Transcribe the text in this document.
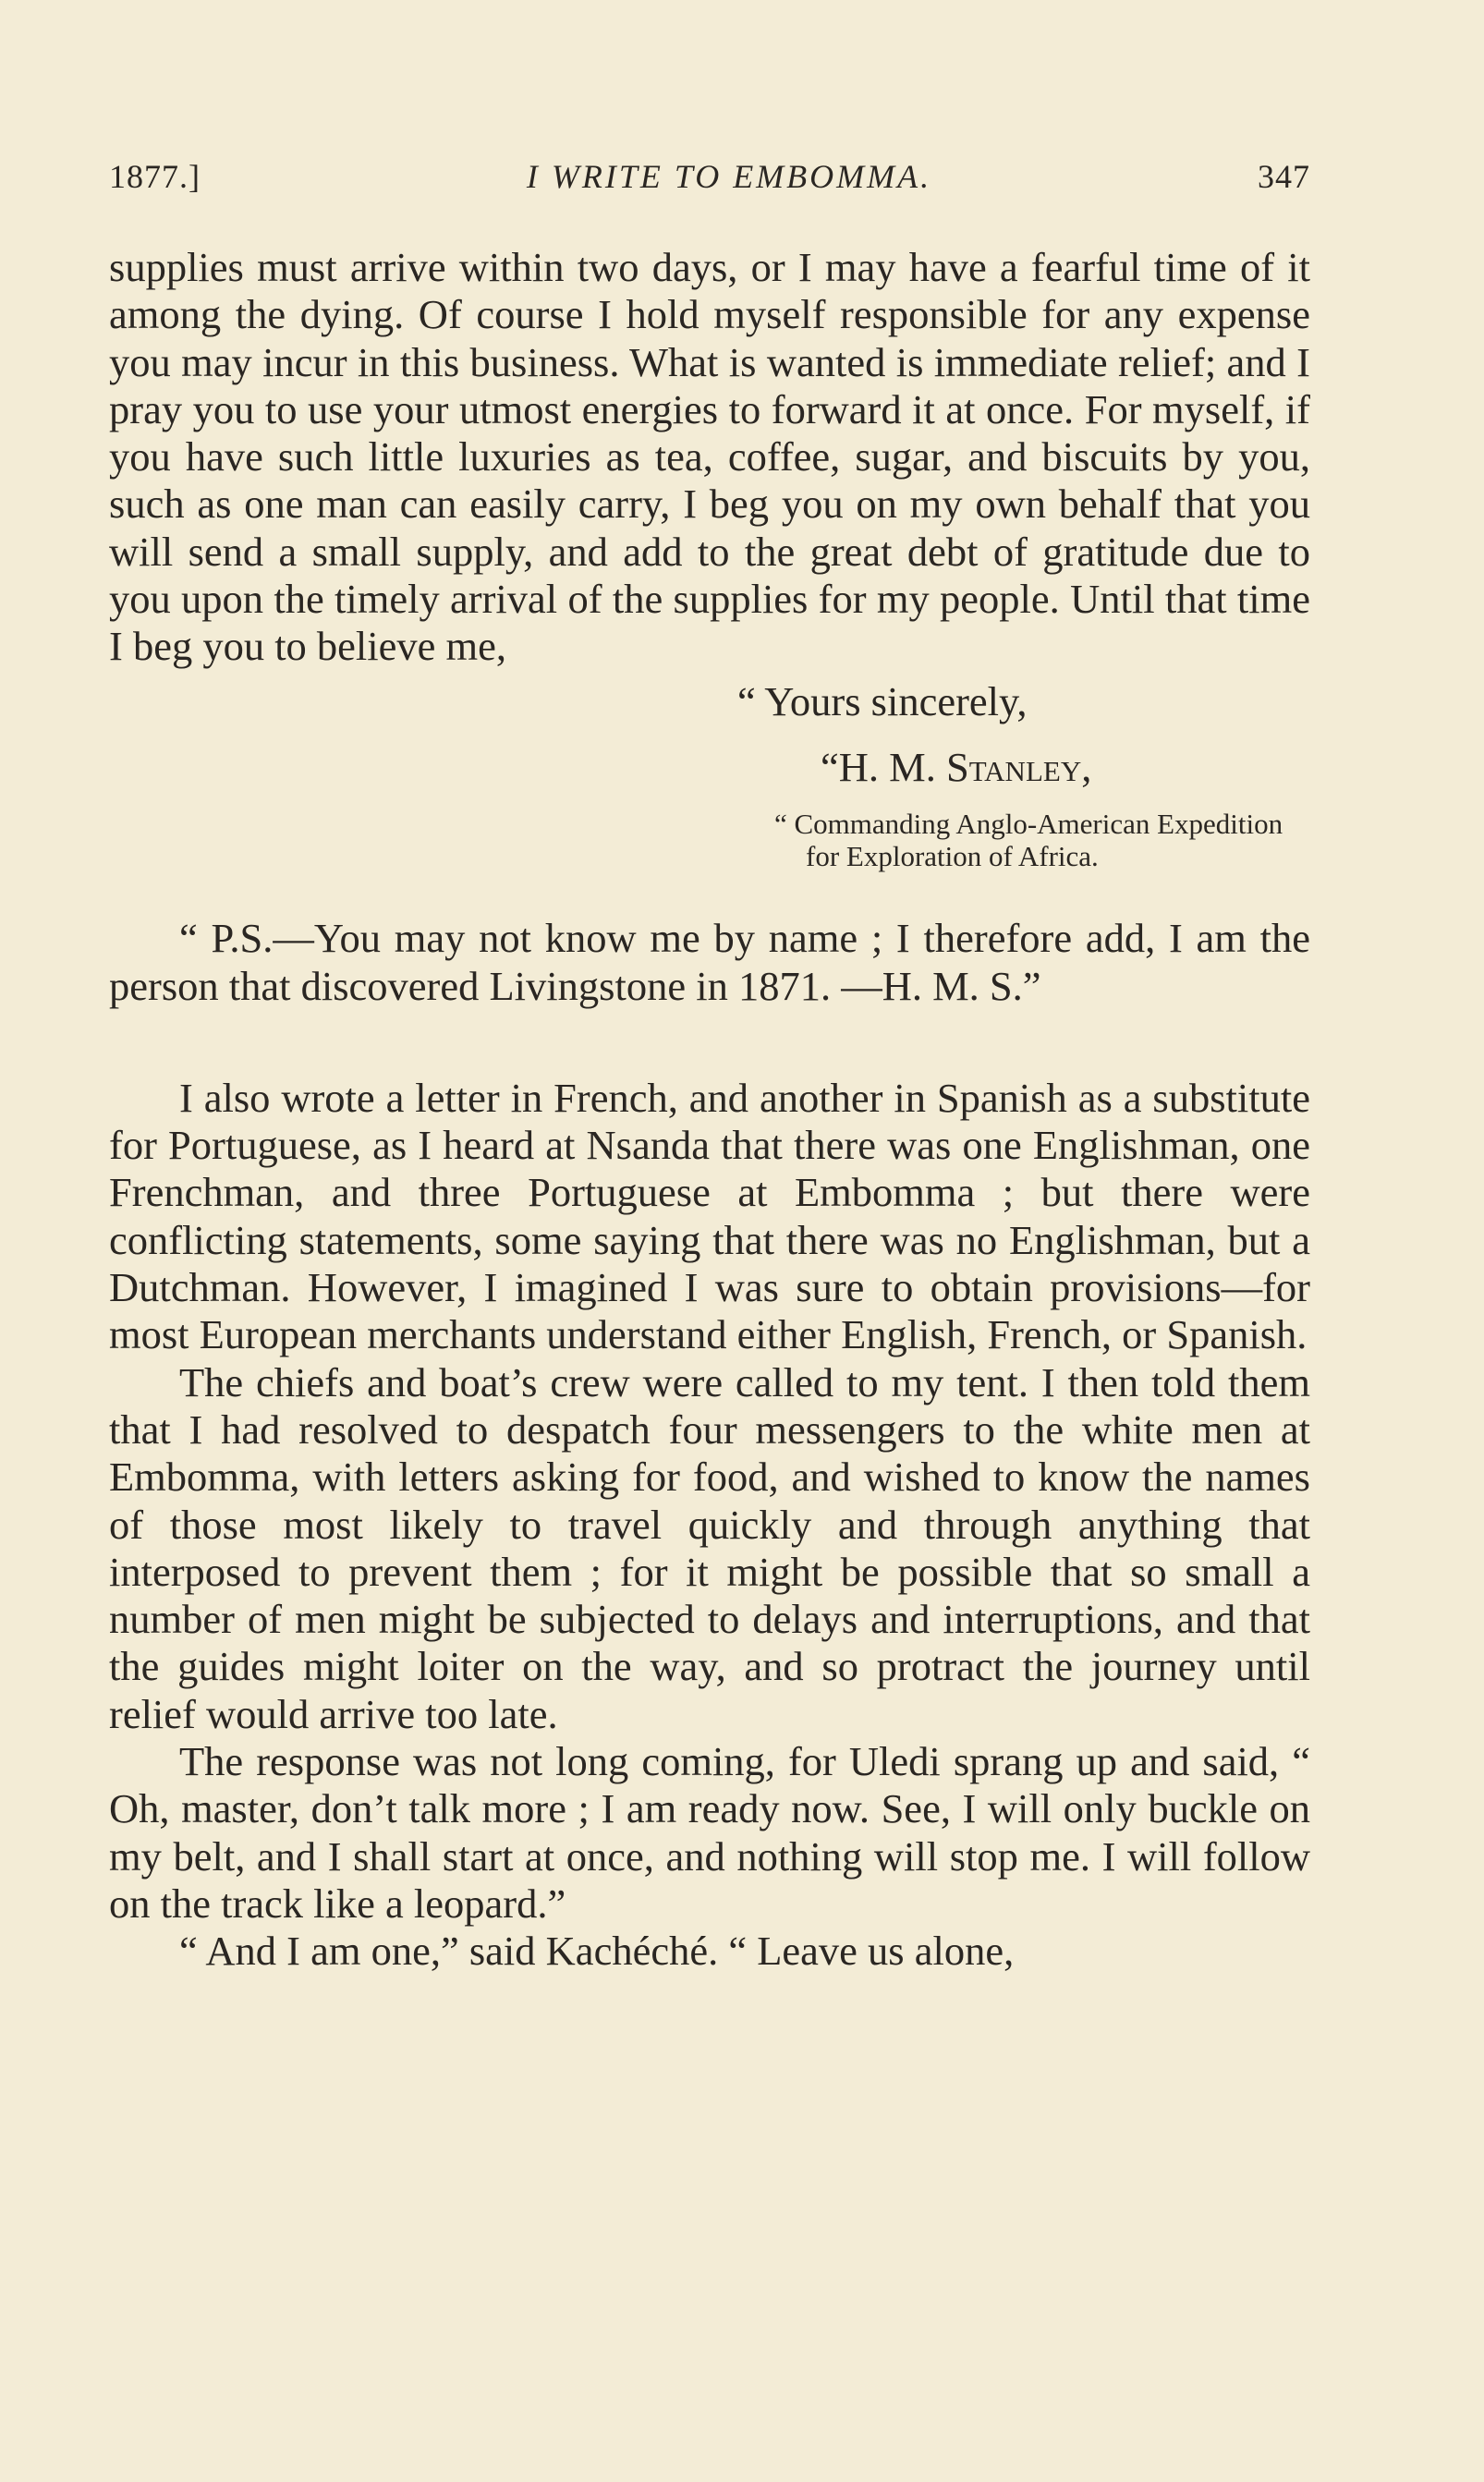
1877.]	I WRITE TO EMBOMMA.	347

supplies must arrive within two days, or I may have a fearful time of it among the dying. Of course I hold myself responsible for any expense you may incur in this business. What is wanted is immediate relief; and I pray you to use your utmost energies to forward it at once. For myself, if you have such little luxuries as tea, coffee, sugar, and biscuits by you, such as one man can easily carry, I beg you on my own behalf that you will send a small supply, and add to the great debt of gratitude due to you upon the timely arrival of the supplies for my people. Until that time I beg you to believe me,

“ Yours sincerely,

“H. M. Stanley,

“ Commanding Anglo-American Expedition
for Exploration of Africa.

“ P.S.—You may not know me by name ; I therefore add, I am the person that discovered Livingstone in 1871. —H. M. S.”

I also wrote a letter in French, and another in Spanish as a substitute for Portuguese, as I heard at Nsanda that there was one Englishman, one Frenchman, and three Portuguese at Embomma ; but there were conflicting statements, some saying that there was no Englishman, but a Dutchman. However, I imagined I was sure to obtain provisions—for most European merchants understand either English, French, or Spanish.

The chiefs and boat’s crew were called to my tent. I then told them that I had resolved to despatch four messengers to the white men at Embomma, with letters asking for food, and wished to know the names of those most likely to travel quickly and through anything that interposed to prevent them ; for it might be possible that so small a number of men might be subjected to delays and interruptions, and that the guides might loiter on the way, and so protract the journey until relief would arrive too late.

The response was not long coming, for Uledi sprang up and said, “ Oh, master, don’t talk more ; I am ready now. See, I will only buckle on my belt, and I shall start at once, and nothing will stop me. I will follow on the track like a leopard.”

“ And I am one,” said Kachéché. “ Leave us alone,
